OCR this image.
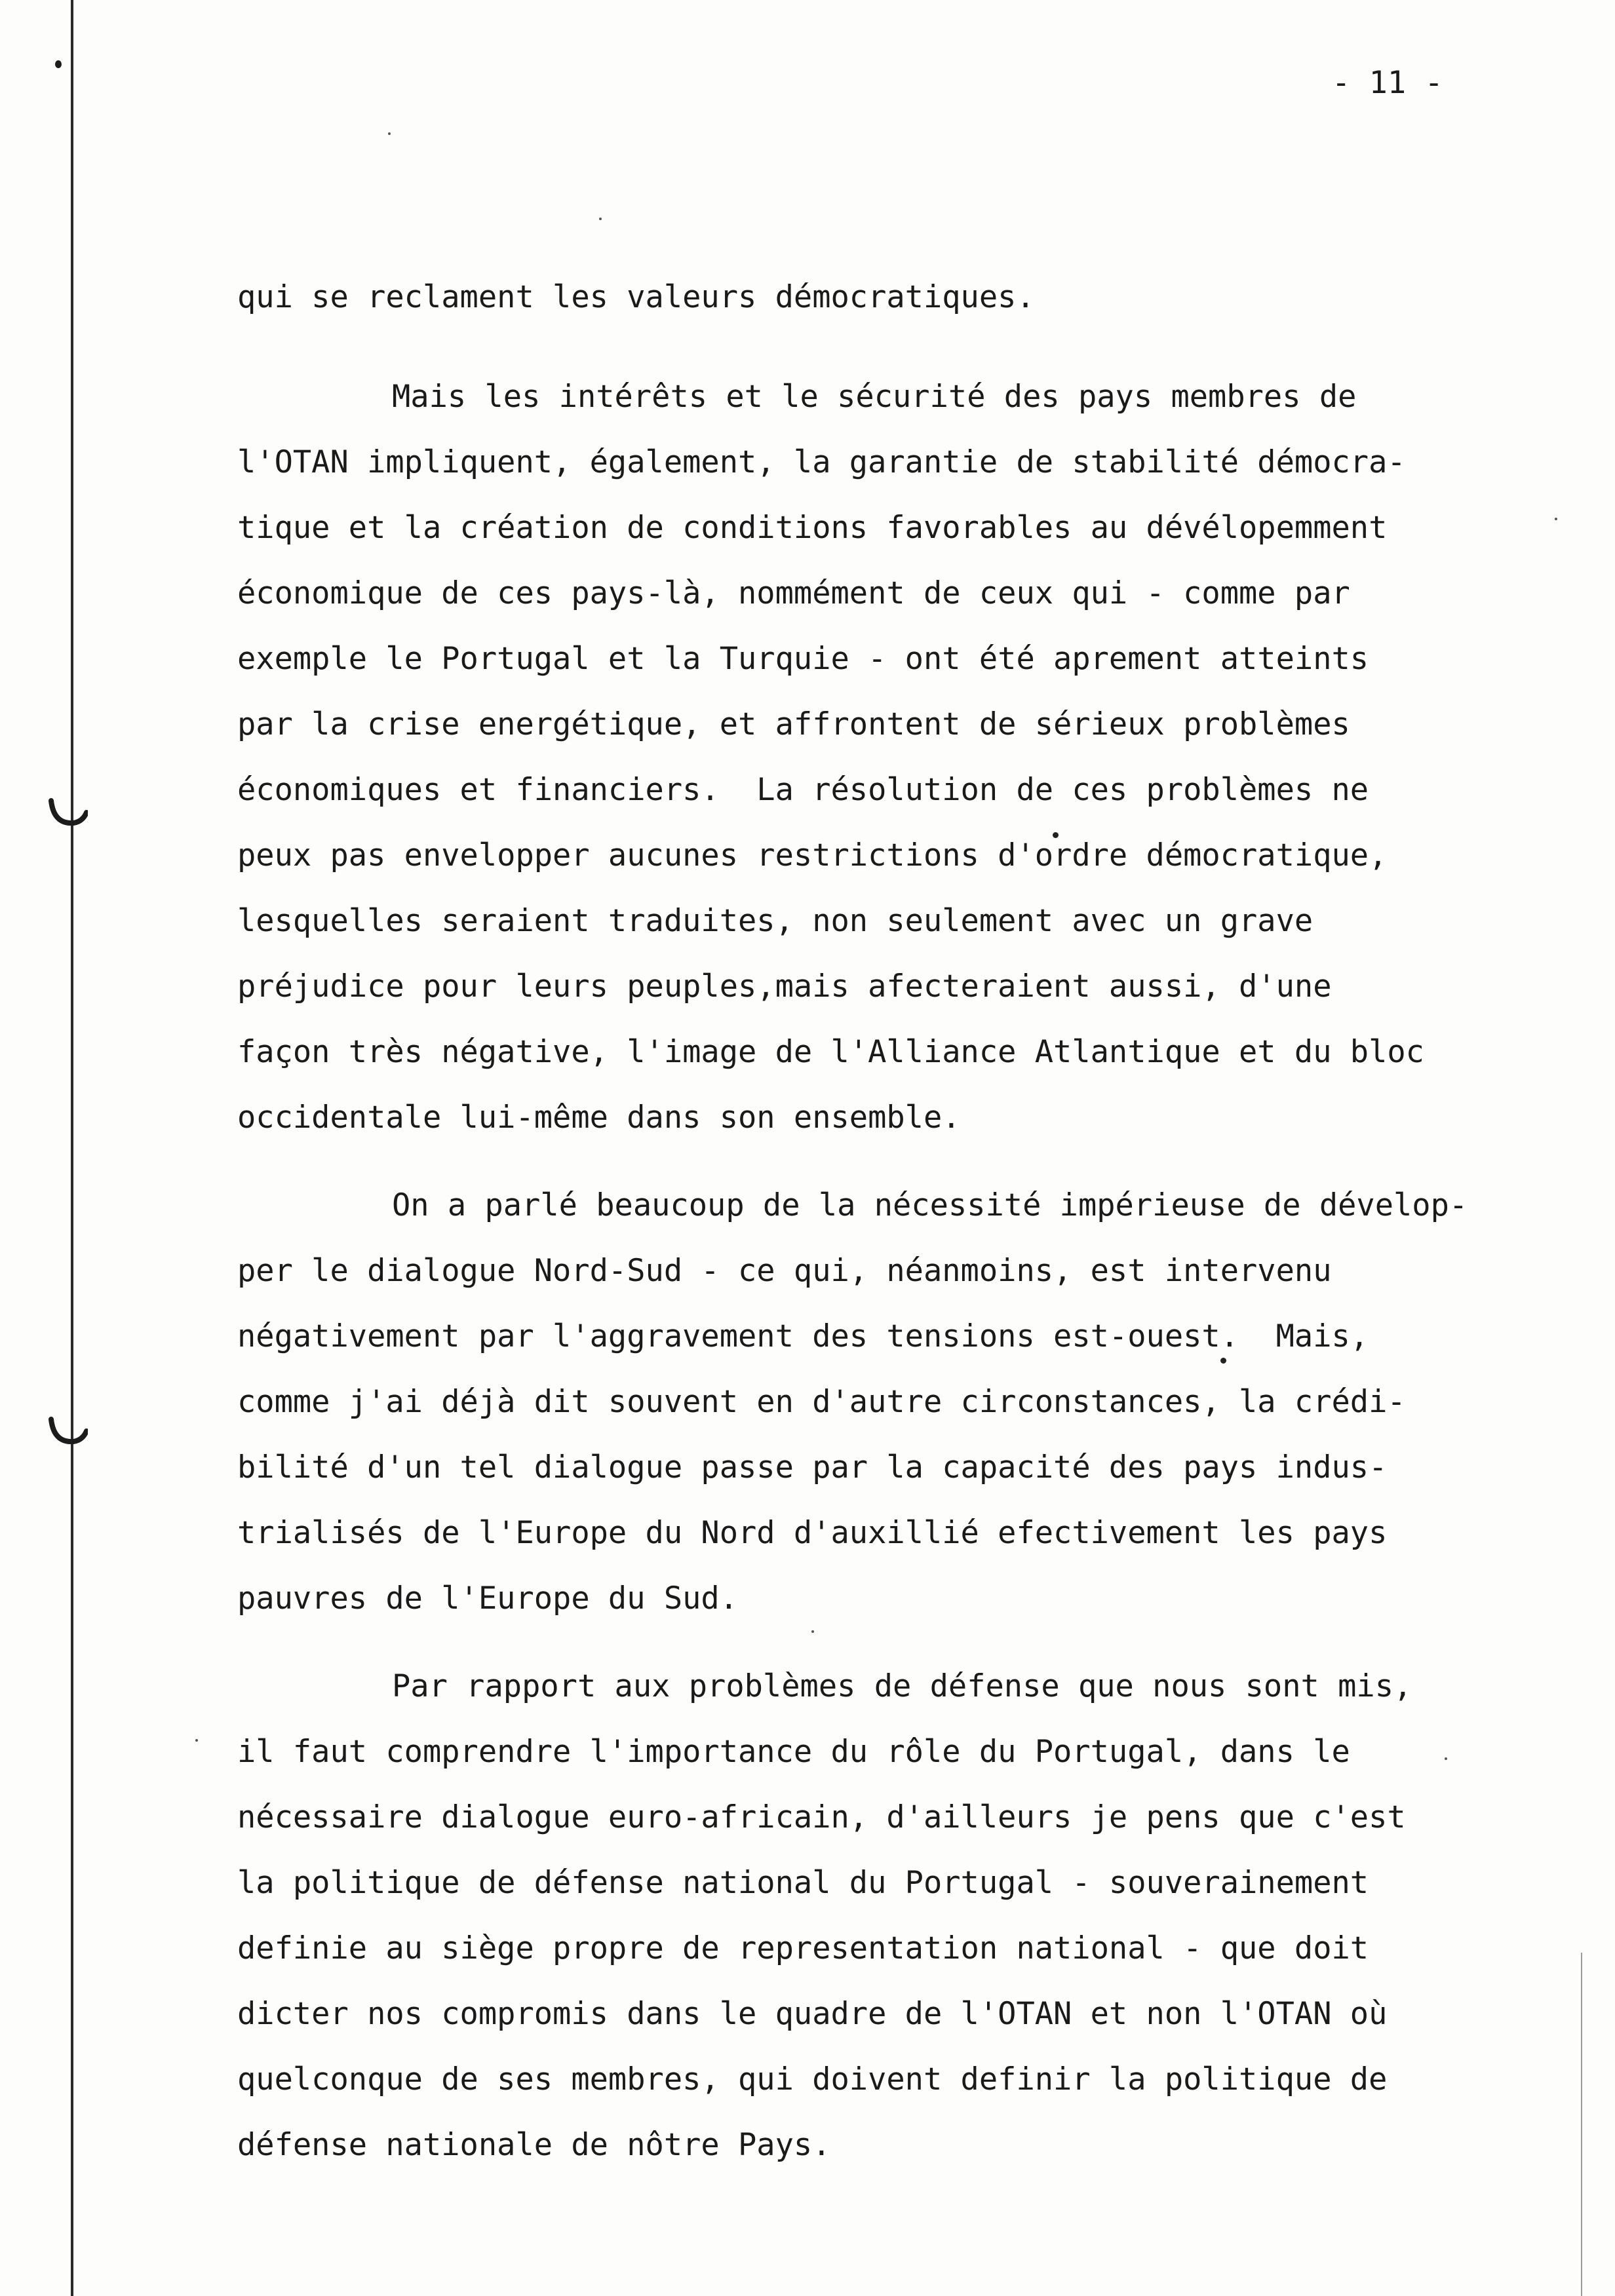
- 11 -
qui se reclament les valeurs démocratiques.
Mais les intérêts et le sécurité des pays membres de
l'OTAN impliquent, également, la garantie de stabilité démocra-
tique et la création de conditions favorables au dévélopemment
économique de ces pays-là, nommément de ceux qui - comme par
exemple le Portugal et la Turquie - ont été aprement atteints
par la crise energétique, et affrontent de sérieux problèmes
économiques et financiers.  La résolution de ces problèmes ne
peux pas envelopper aucunes restrictions d'ordre démocratique,
lesquelles seraient traduites, non seulement avec un grave
préjudice pour leurs peuples,mais afecteraient aussi, d'une
façon très négative, l'image de l'Alliance Atlantique et du bloc
occidentale lui-même dans son ensemble.
On a parlé beaucoup de la nécessité impérieuse de dévelop-
per le dialogue Nord-Sud - ce qui, néanmoins, est intervenu
négativement par l'aggravement des tensions est-ouest.  Mais,
comme j'ai déjà dit souvent en d'autre circonstances, la crédi-
bilité d'un tel dialogue passe par la capacité des pays indus-
trialisés de l'Europe du Nord d'auxillié efectivement les pays
pauvres de l'Europe du Sud.
Par rapport aux problèmes de défense que nous sont mis,
il faut comprendre l'importance du rôle du Portugal, dans le
nécessaire dialogue euro-africain, d'ailleurs je pens que c'est
la politique de défense national du Portugal - souverainement
definie au siège propre de representation national - que doit
dicter nos compromis dans le quadre de l'OTAN et non l'OTAN où
quelconque de ses membres, qui doivent definir la politique de
défense nationale de nôtre Pays.
